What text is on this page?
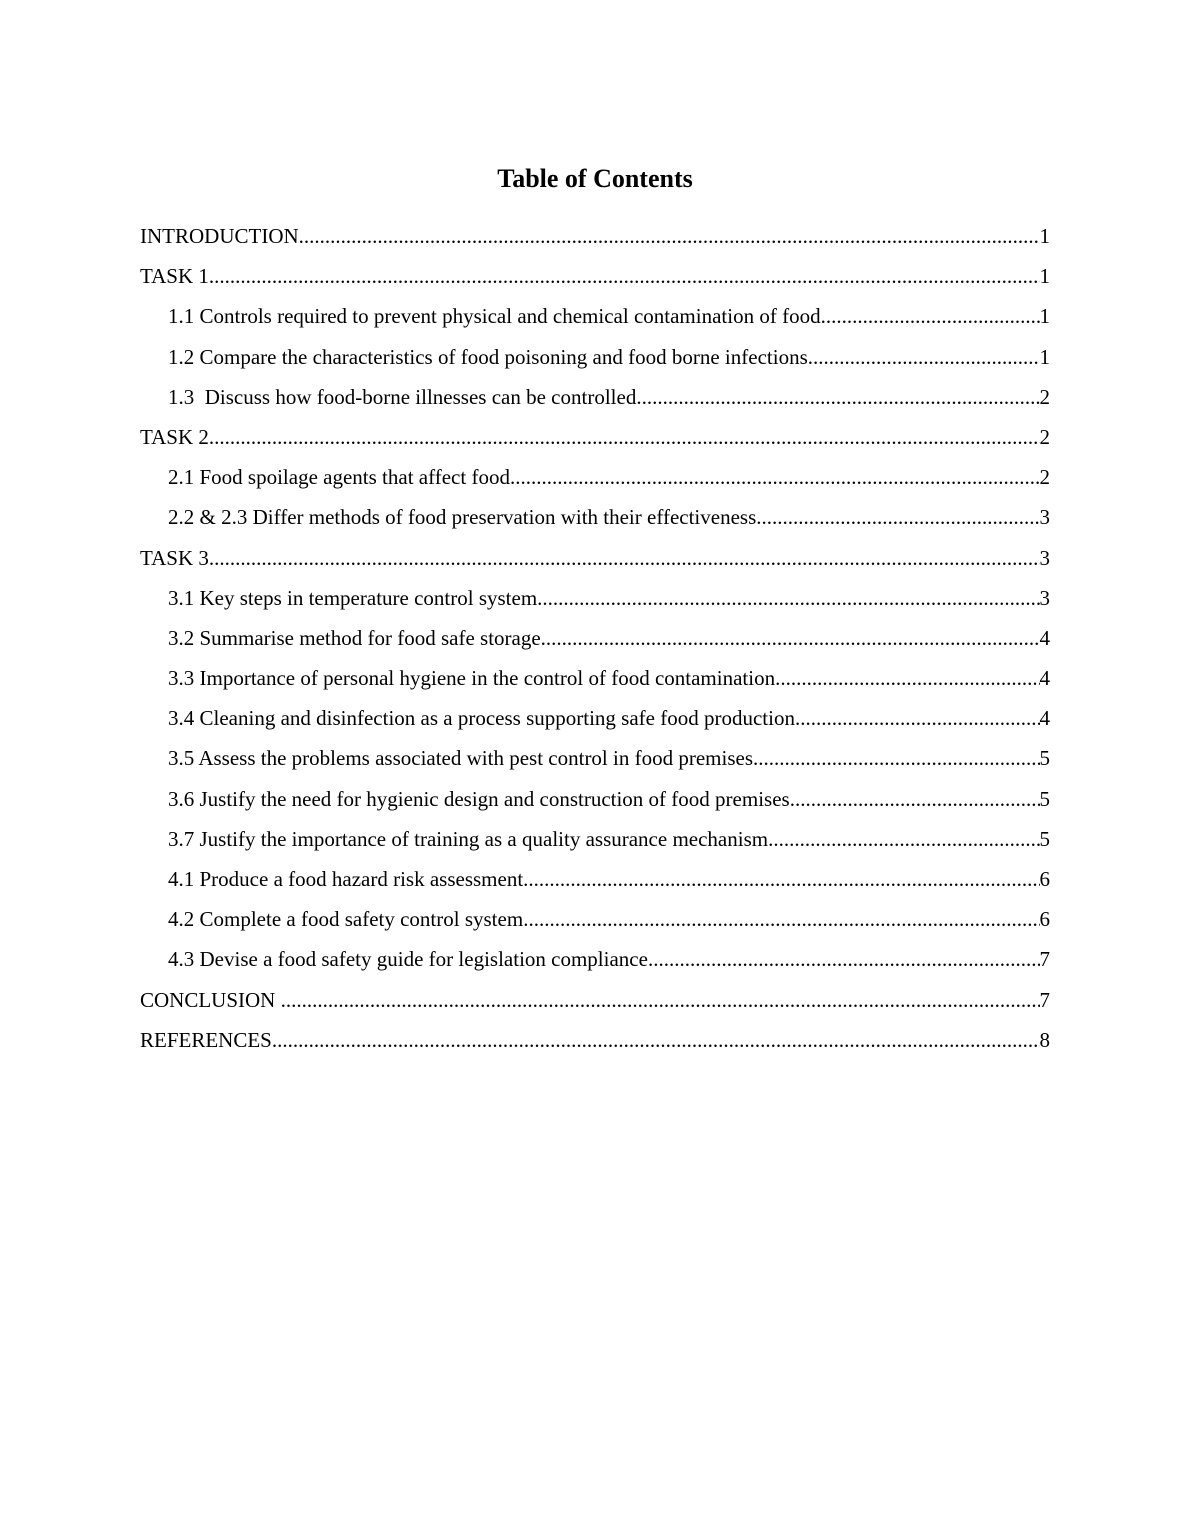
Table of Contents
INTRODUCTION .....	1
TASK 1 .....	1
1.1 Controls required to prevent physical and chemical contamination of food .....	1
1.2 Compare the characteristics of food poisoning and food borne infections .....	1
1.3  Discuss how food-borne illnesses can be controlled .....	2
TASK 2 .....	2
2.1 Food spoilage agents that affect food .....	2
2.2 & 2.3 Differ methods of food preservation with their effectiveness .....	3
TASK 3 .....	3
3.1 Key steps in temperature control system .....	3
3.2 Summarise method for food safe storage .....	4
3.3 Importance of personal hygiene in the control of food contamination .....	4
3.4 Cleaning and disinfection as a process supporting safe food production .....	4
3.5 Assess the problems associated with pest control in food premises .....	5
3.6 Justify the need for hygienic design and construction of food premises .....	5
3.7 Justify the importance of training as a quality assurance mechanism .....	5
4.1 Produce a food hazard risk assessment .....	6
4.2 Complete a food safety control system .....	6
4.3 Devise a food safety guide for legislation compliance .....	7
CONCLUSION .....	7
REFERENCES .....	8
